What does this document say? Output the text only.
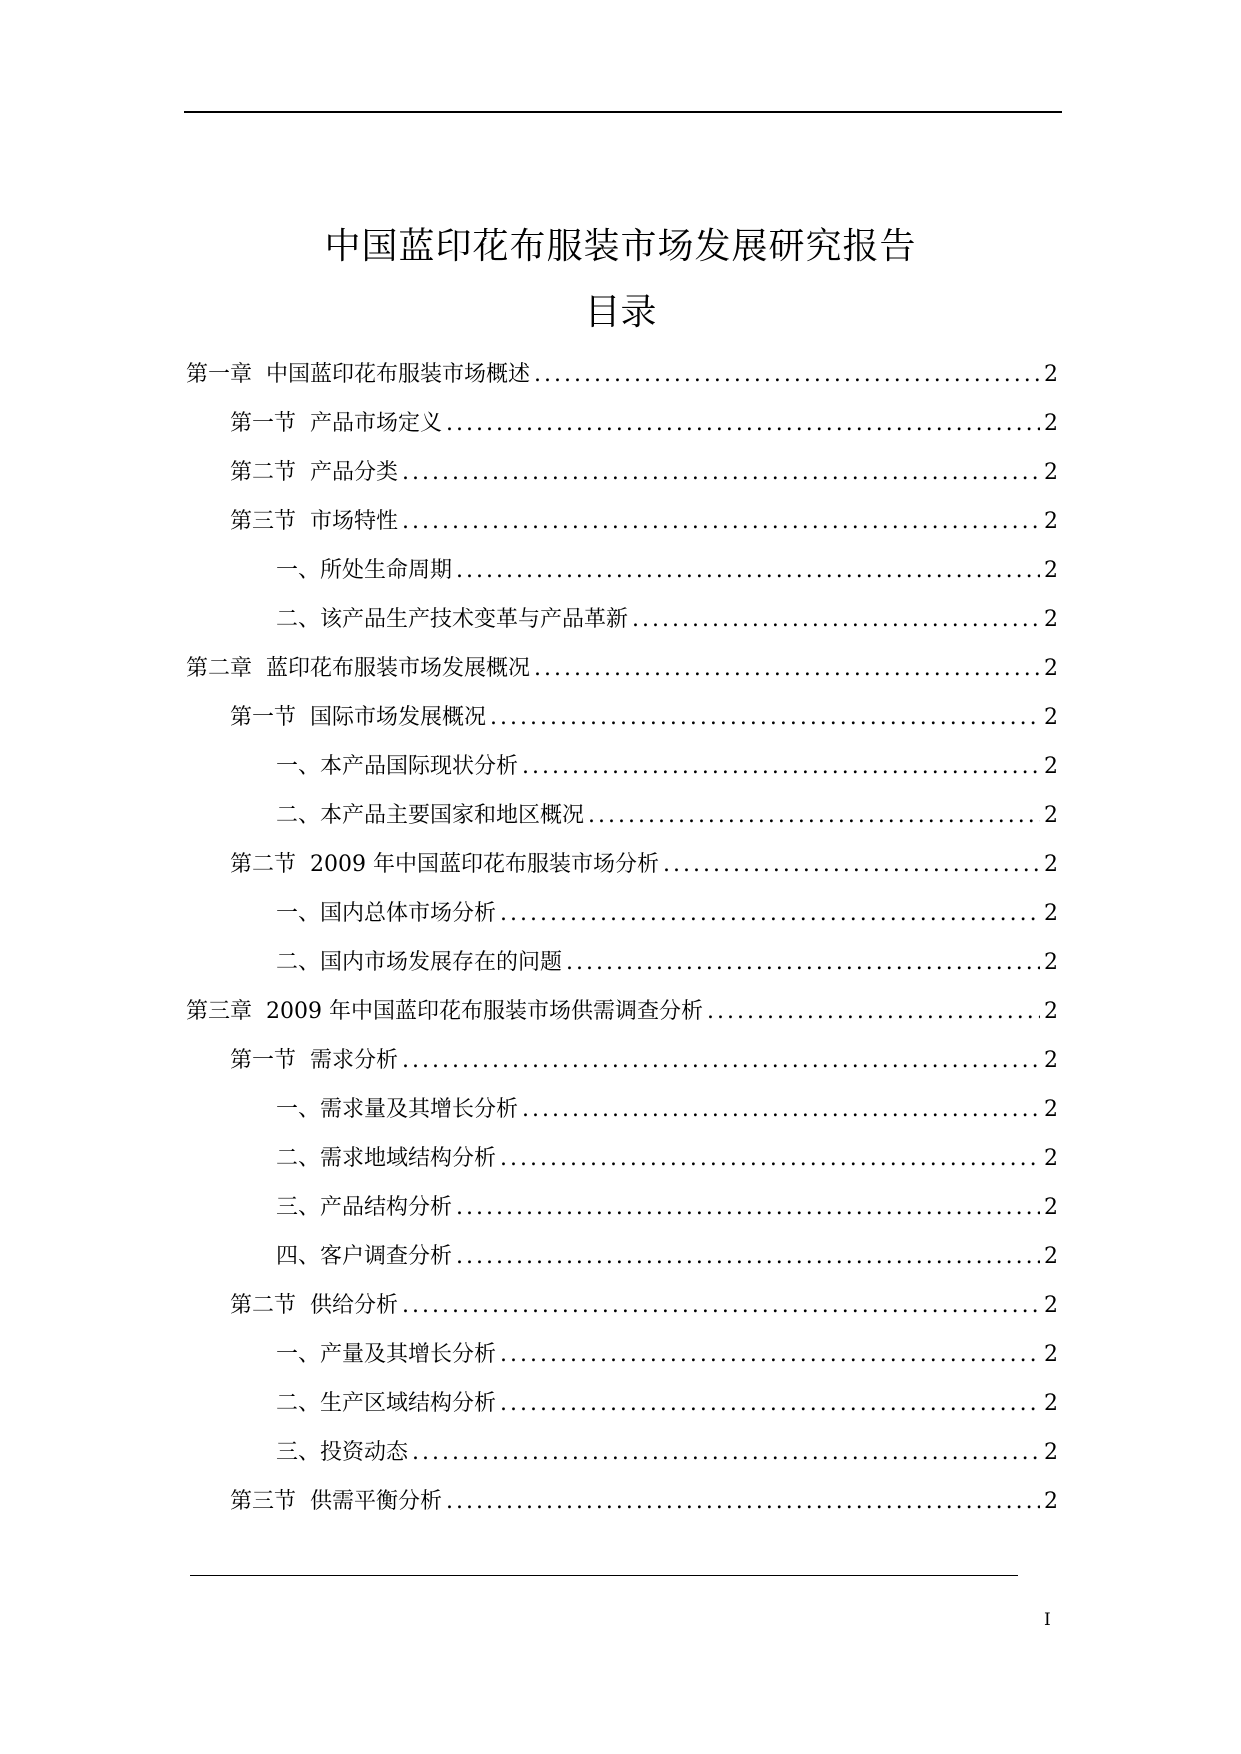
中国蓝印花布服装市场发展研究报告
目录
第一章 中国蓝印花布服装市场概述 .....	2
第一节 产品市场定义 .....	2
第二节 产品分类 .....	2
第三节 市场特性 .....	2
一、所处生命周期 .....	2
二、该产品生产技术变革与产品革新 .....	2
第二章 蓝印花布服装市场发展概况 .....	2
第一节 国际市场发展概况 .....	2
一、本产品国际现状分析 .....	2
二、本产品主要国家和地区概况 .....	2
第二节 2009 年中国蓝印花布服装市场分析 .....	2
一、国内总体市场分析 .....	2
二、国内市场发展存在的问题 .....	2
第三章 2009 年中国蓝印花布服装市场供需调查分析 .....	2
第一节 需求分析 .....	2
一、需求量及其增长分析 .....	2
二、需求地域结构分析 .....	2
三、产品结构分析 .....	2
四、客户调查分析 .....	2
第二节 供给分析 .....	2
一、产量及其增长分析 .....	2
二、生产区域结构分析 .....	2
三、投资动态 .....	2
第三节 供需平衡分析 .....	2
I
